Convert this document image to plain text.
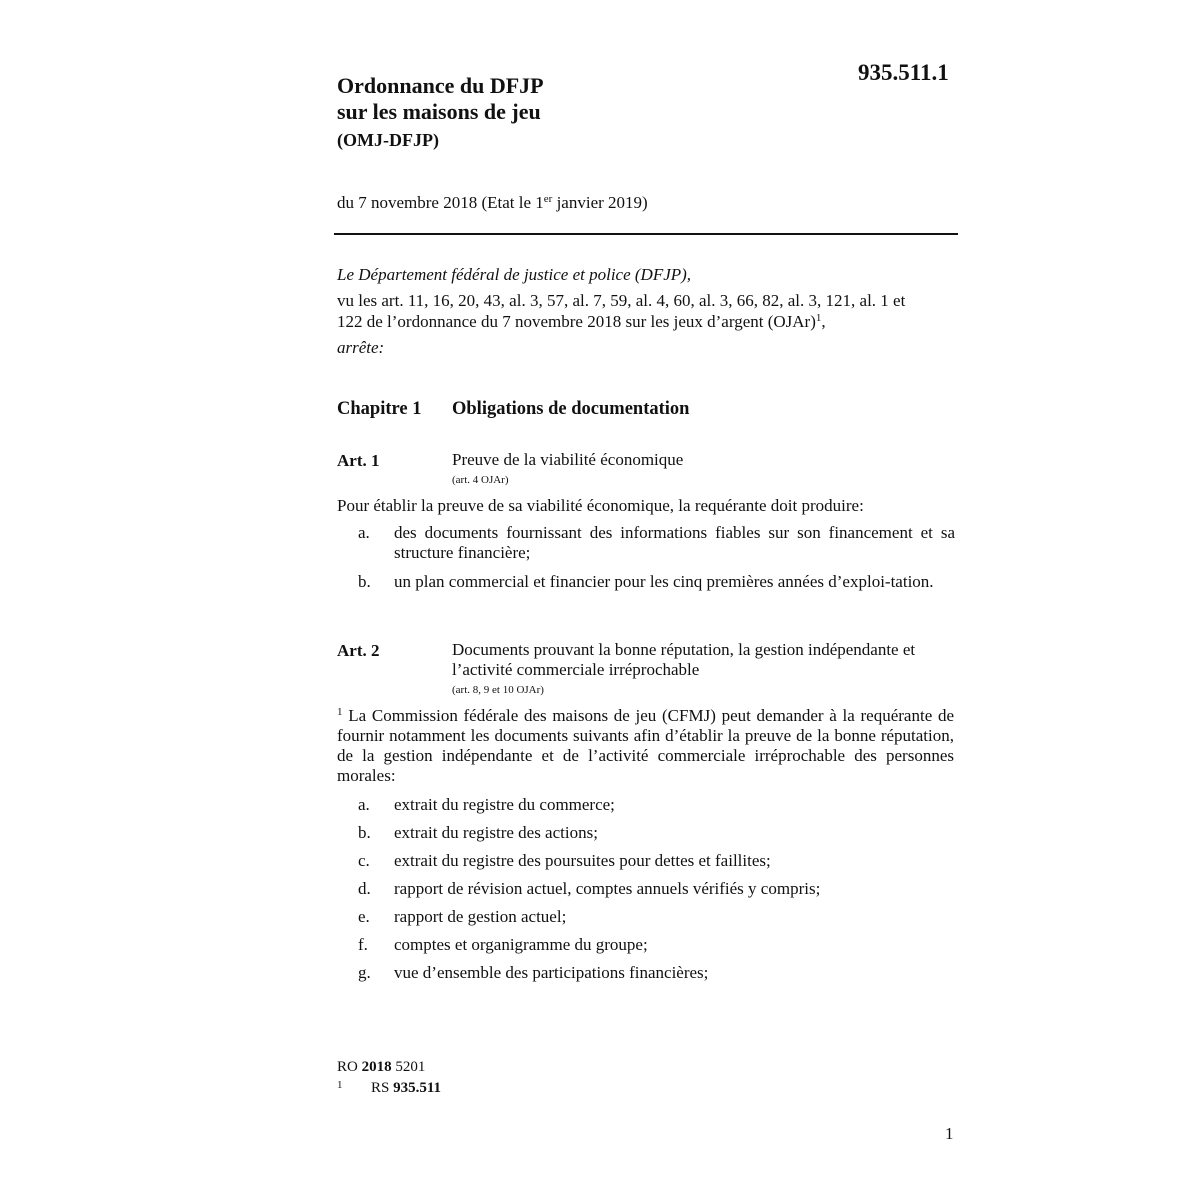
935.511.1
Ordonnance du DFJP
sur les maisons de jeu
(OMJ-DFJP)
du 7 novembre 2018 (Etat le 1er janvier 2019)
Le Département fédéral de justice et police (DFJP),
vu les art. 11, 16, 20, 43, al. 3, 57, al. 7, 59, al. 4, 60, al. 3, 66, 82, al. 3, 121, al. 1 et
122 de l’ordonnance du 7 novembre 2018 sur les jeux d’argent (OJAr)$^1$,
arrête:
Chapitre 1 Obligations de documentation
Art. 1	Preuve de la viabilité économique
(art. 4 OJAr)
Pour établir la preuve de sa viabilité économique, la requérante doit produire:
a. des documents fournissant des informations fiables sur son financement et sa structure financière;
b. un plan commercial et financier pour les cinq premières années d’exploi-tation.
Art. 2	Documents prouvant la bonne réputation, la gestion indépendante et l’activité commerciale irréprochable
(art. 8, 9 et 10 OJAr)
$^1$ La Commission fédérale des maisons de jeu (CFMJ) peut demander à la requérante de fournir notamment les documents suivants afin d’établir la preuve de la bonne réputation, de la gestion indépendante et de l’activité commerciale irréprochable des personnes morales:
a. extrait du registre du commerce;
b. extrait du registre des actions;
c. extrait du registre des poursuites pour dettes et faillites;
d. rapport de révision actuel, comptes annuels vérifiés y compris;
e. rapport de gestion actuel;
f. comptes et organigramme du groupe;
g. vue d’ensemble des participations financières;
RO 2018 5201
1 RS 935.511
1
